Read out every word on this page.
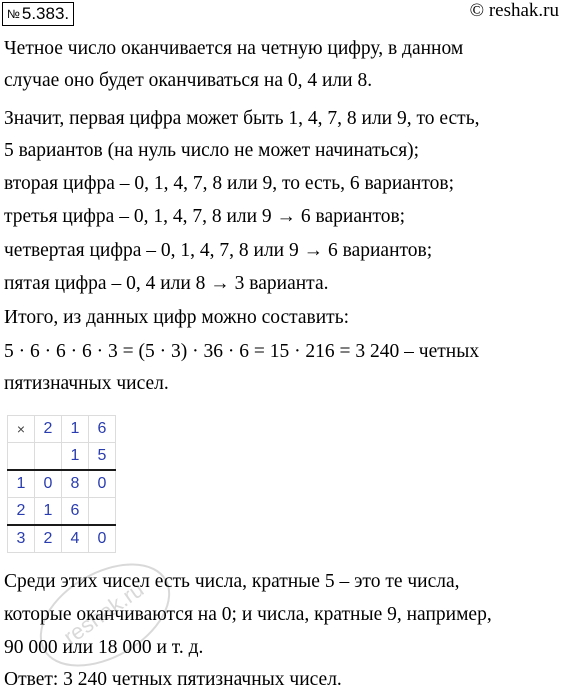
№ 5.383.	© reshak.ru
Четное число оканчивается на четную цифру, в данном
случае оно будет оканчиваться на 0, 4 или 8.
Значит, первая цифра может быть 1, 4, 7, 8 или 9, то есть,
5 вариантов (на нуль число не может начинаться);
вторая цифра – 0, 1, 4, 7, 8 или 9, то есть, 6 вариантов;
третья цифра – 0, 1, 4, 7, 8 или 9 → 6 вариантов;
четвертая цифра – 0, 1, 4, 7, 8 или 9 → 6 вариантов;
пятая цифра – 0, 4 или 8 → 3 варианта.
Итого, из данных цифр можно составить:
5 · 6 · 6 · 6 · 3 = (5 · 3) · 36 · 6 = 15 · 216 = 3 240 – четных
пятизначных чисел.
×	2	1	6
		1	5
1	0	8	0
2	1	6	
3	2	4	0
Среди этих чисел есть числа, кратные 5 – это те числа,
которые оканчиваются на 0; и числа, кратные 9, например,
90 000 или 18 000 и т. д.
Ответ: 3 240 четных пятизначных чисел.
reshak.ru
